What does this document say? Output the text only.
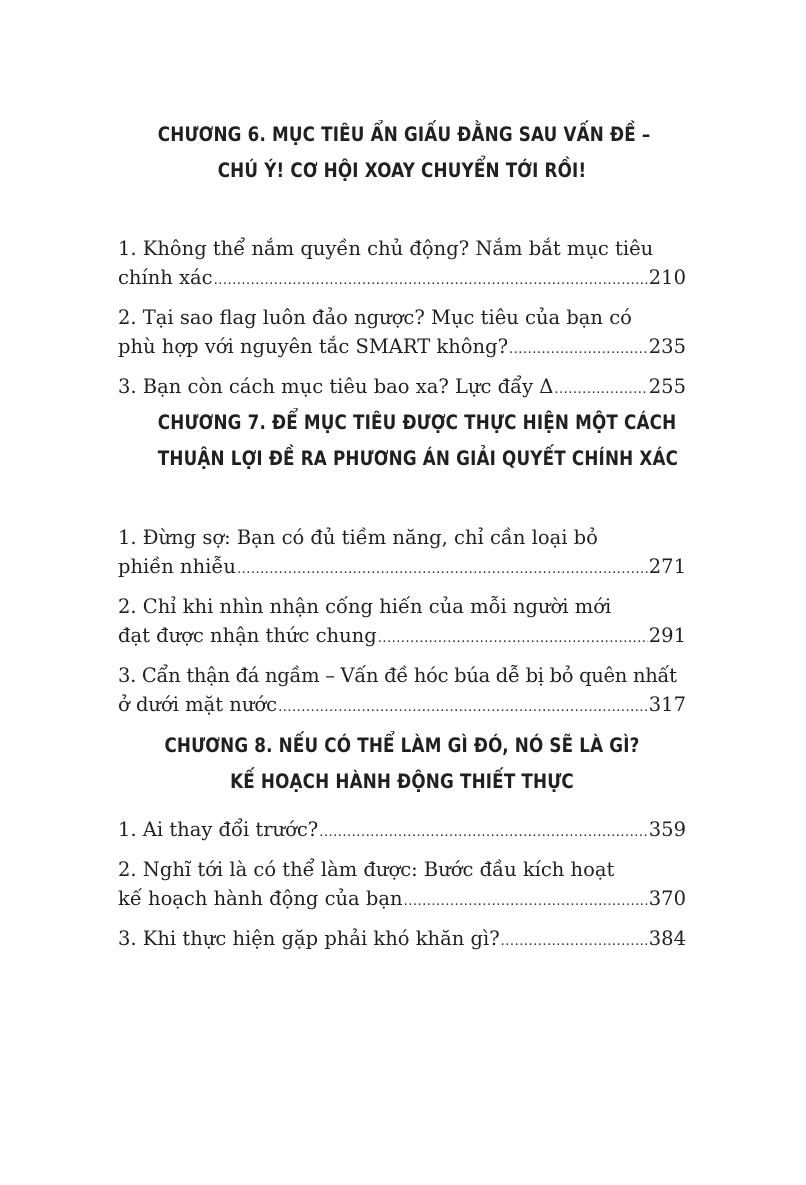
CHƯƠNG 6. MỤC TIÊU ẨN GIẤU ĐẰNG SAU VẤN ĐỀ –
CHÚ Ý! CƠ HỘI XOAY CHUYỂN TỚI RỒI!
1. Không thể nắm quyền chủ động? Nắm bắt mục tiêu
chính xác .....	210
2. Tại sao flag luôn đảo ngược? Mục tiêu của bạn có
phù hợp với nguyên tắc SMART không? .....	235
3. Bạn còn cách mục tiêu bao xa? Lực đẩy Δ .....	255
CHƯƠNG 7. ĐỂ MỤC TIÊU ĐƯỢC THỰC HIỆN MỘT CÁCH
THUẬN LỢI ĐỀ RA PHƯƠNG ÁN GIẢI QUYẾT CHÍNH XÁC
1. Đừng sợ: Bạn có đủ tiềm năng, chỉ cần loại bỏ
phiền nhiễu .....	271
2. Chỉ khi nhìn nhận cống hiến của mỗi người mới
đạt được nhận thức chung .....	291
3. Cẩn thận đá ngầm – Vấn đề hóc búa dễ bị bỏ quên nhất
ở dưới mặt nước .....	317
CHƯƠNG 8. NẾU CÓ THỂ LÀM GÌ ĐÓ, NÓ SẼ LÀ GÌ?
KẾ HOẠCH HÀNH ĐỘNG THIẾT THỰC
1. Ai thay đổi trước? .....	359
2. Nghĩ tới là có thể làm được: Bước đầu kích hoạt
kế hoạch hành động của bạn .....	370
3. Khi thực hiện gặp phải khó khăn gì? .....	384
